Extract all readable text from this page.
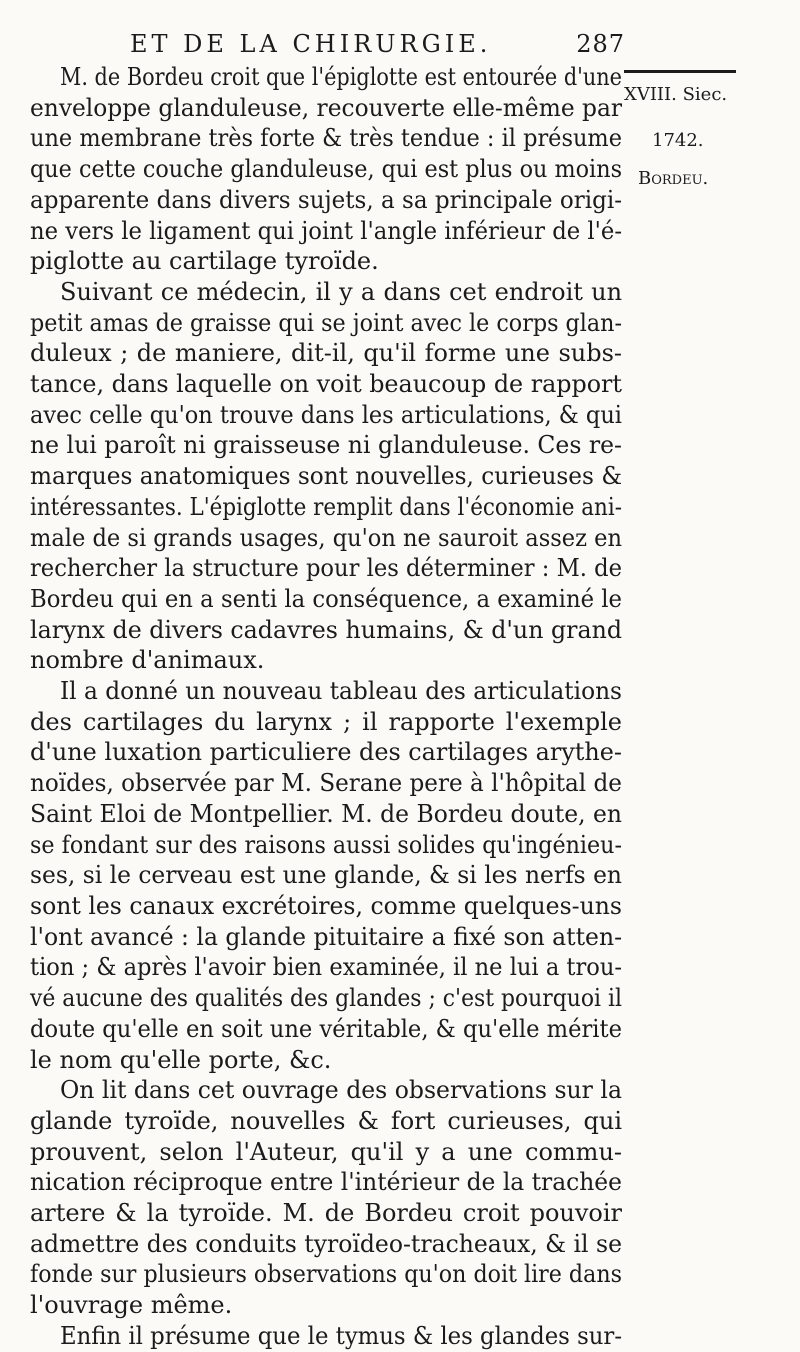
ET DE LA CHIRURGIE.	287
XVIII. Siec.
1742.
Bordeu.

M. de Bordeu croit que l'épiglotte est entourée d'une
enveloppe glanduleuse, recouverte elle-même par
une membrane très forte & très tendue : il présume
que cette couche glanduleuse, qui est plus ou moins
apparente dans divers sujets, a sa principale origi-
ne vers le ligament qui joint l'angle inférieur de l'é-
piglotte au cartilage tyroïde.

Suivant ce médecin, il y a dans cet endroit un
petit amas de graisse qui se joint avec le corps glan-
duleux ; de maniere, dit-il, qu'il forme une subs-
tance, dans laquelle on voit beaucoup de rapport
avec celle qu'on trouve dans les articulations, & qui
ne lui paroît ni graisseuse ni glanduleuse. Ces re-
marques anatomiques sont nouvelles, curieuses &
intéressantes. L'épiglotte remplit dans l'économie ani-
male de si grands usages, qu'on ne sauroit assez en
rechercher la structure pour les déterminer : M. de
Bordeu qui en a senti la conséquence, a examiné le
larynx de divers cadavres humains, & d'un grand
nombre d'animaux.

Il a donné un nouveau tableau des articulations
des cartilages du larynx ; il rapporte l'exemple
d'une luxation particuliere des cartilages arythe-
noïdes, observée par M. Serane pere à l'hôpital de
Saint Eloi de Montpellier. M. de Bordeu doute, en
se fondant sur des raisons aussi solides qu'ingénieu-
ses, si le cerveau est une glande, & si les nerfs en
sont les canaux excrétoires, comme quelques-uns
l'ont avancé : la glande pituitaire a fixé son atten-
tion ; & après l'avoir bien examinée, il ne lui a trou-
vé aucune des qualités des glandes ; c'est pourquoi il
doute qu'elle en soit une véritable, & qu'elle mérite
le nom qu'elle porte, &c.

On lit dans cet ouvrage des observations sur la
glande tyroïde, nouvelles & fort curieuses, qui
prouvent, selon l'Auteur, qu'il y a une commu-
nication réciproque entre l'intérieur de la trachée
artere & la tyroïde. M. de Bordeu croit pouvoir
admettre des conduits tyroïdeo-tracheaux, & il se
fonde sur plusieurs observations qu'on doit lire dans
l'ouvrage même.

Enfin il présume que le tymus & les glandes sur-
